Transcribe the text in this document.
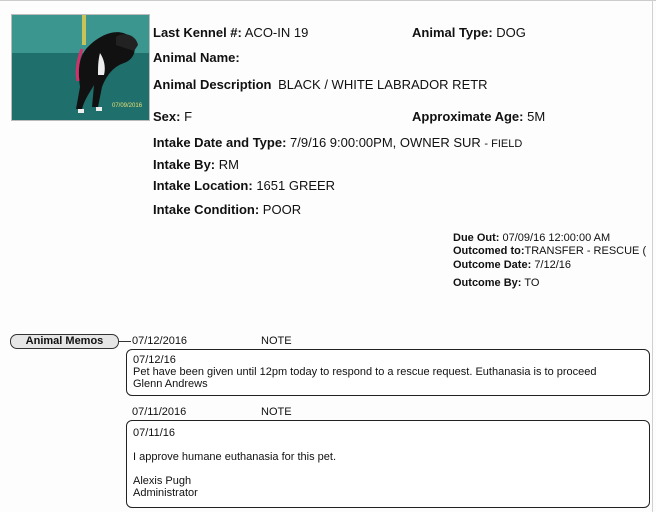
07/09/2016
Last Kennel #: ACO-IN 19	Animal Type: DOG
Animal Name:
Animal Description BLACK / WHITE LABRADOR RETR
Sex: F	Approximate Age: 5M
Intake Date and Type: 7/9/16 9:00:00PM, OWNER SUR - FIELD
Intake By: RM
Intake Location: 1651 GREER
Intake Condition: POOR
Due Out: 07/09/16 12:00:00 AM
Outcomed to:TRANSFER - RESCUE (
Outcome Date: 7/12/16
Outcome By: TO
Animal Memos	07/12/2016	NOTE
07/12/16
Pet have been given until 12pm today to respond to a rescue request. Euthanasia is to proceed
Glenn Andrews
07/11/2016	NOTE
07/11/16
I approve humane euthanasia for this pet.
Alexis Pugh
Administrator
